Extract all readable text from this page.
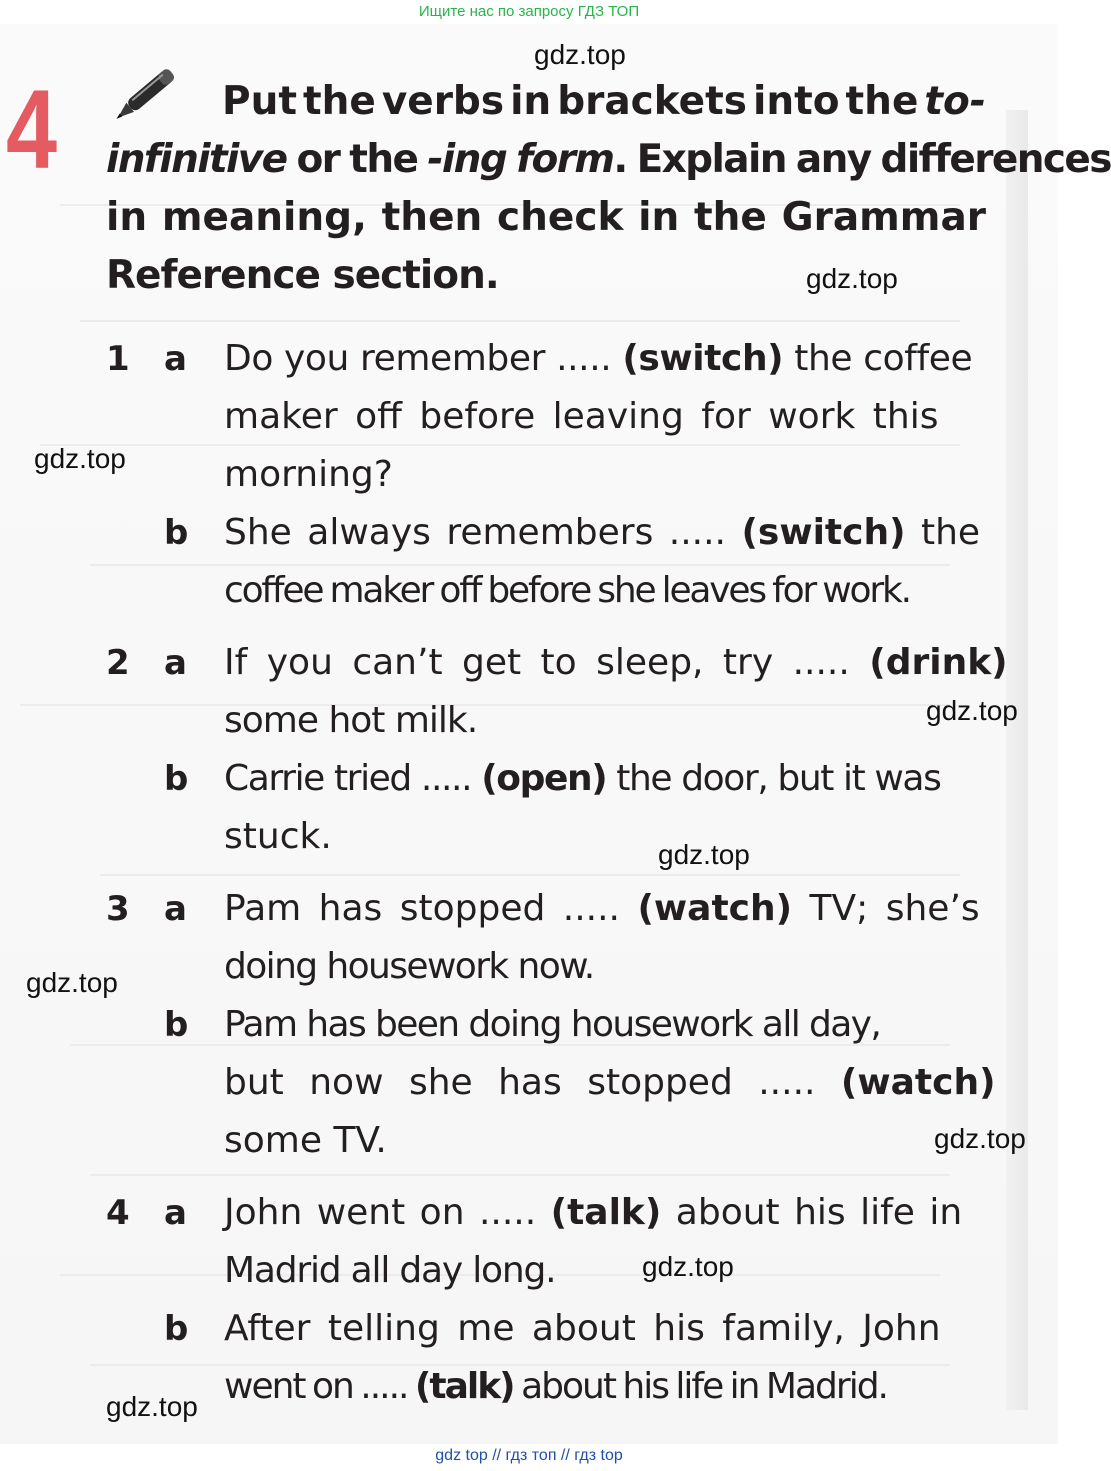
Ищите нас по запросу ГДЗ ТОП
4	Put the verbs in brackets into the to-
infinitive or the -ing form. Explain any differences
in meaning, then check in the Grammar
Reference section.
1 a Do you remember ..... (switch) the coffee
maker off before leaving for work this
morning?
b She always remembers ..... (switch) the
coffee maker off before she leaves for work.
2 a If you can’t get to sleep, try ..... (drink)
some hot milk.
b Carrie tried ..... (open) the door, but it was
stuck.
3 a Pam has stopped ..... (watch) TV; she’s
doing housework now.
b Pam has been doing housework all day,
but now she has stopped ..... (watch)
some TV.
4 a John went on ..... (talk) about his life in
Madrid all day long.
b After telling me about his family, John
went on ..... (talk) about his life in Madrid.
gdz.top
gdz.top
gdz.top
gdz.top
gdz.top
gdz.top
gdz.top
gdz.top
gdz.top
gdz top // гдз топ // гдз top
